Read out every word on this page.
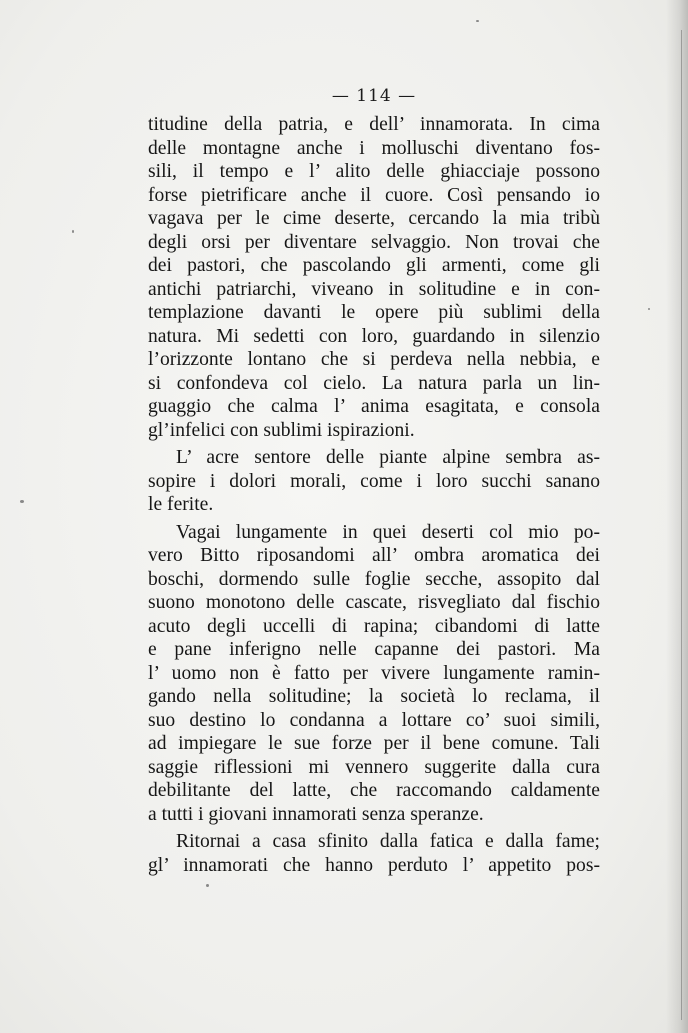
— 114 —
titudine della patria, e dell’ innamorata. In cima
delle montagne anche i molluschi diventano fos-
sili, il tempo e l’ alito delle ghiacciaje possono
forse pietrificare anche il cuore. Così pensando io
vagava per le cime deserte, cercando la mia tribù
degli orsi per diventare selvaggio. Non trovai che
dei pastori, che pascolando gli armenti, come gli
antichi patriarchi, viveano in solitudine e in con-
templazione davanti le opere più sublimi della
natura. Mi sedetti con loro, guardando in silenzio
l’orizzonte lontano che si perdeva nella nebbia, e
si confondeva col cielo. La natura parla un lin-
guaggio che calma l’ anima esagitata, e consola
gl’infelici con sublimi ispirazioni.
L’ acre sentore delle piante alpine sembra as-
sopire i dolori morali, come i loro succhi sanano
le ferite.
Vagai lungamente in quei deserti col mio po-
vero Bitto riposandomi all’ ombra aromatica dei
boschi, dormendo sulle foglie secche, assopito dal
suono monotono delle cascate, risvegliato dal fischio
acuto degli uccelli di rapina; cibandomi di latte
e pane inferigno nelle capanne dei pastori. Ma
l’ uomo non è fatto per vivere lungamente ramin-
gando nella solitudine; la società lo reclama, il
suo destino lo condanna a lottare co’ suoi simili,
ad impiegare le sue forze per il bene comune. Tali
saggie riflessioni mi vennero suggerite dalla cura
debilitante del latte, che raccomando caldamente
a tutti i giovani innamorati senza speranze.
Ritornai a casa sfinito dalla fatica e dalla fame;
gl’ innamorati che hanno perduto l’ appetito pos-
